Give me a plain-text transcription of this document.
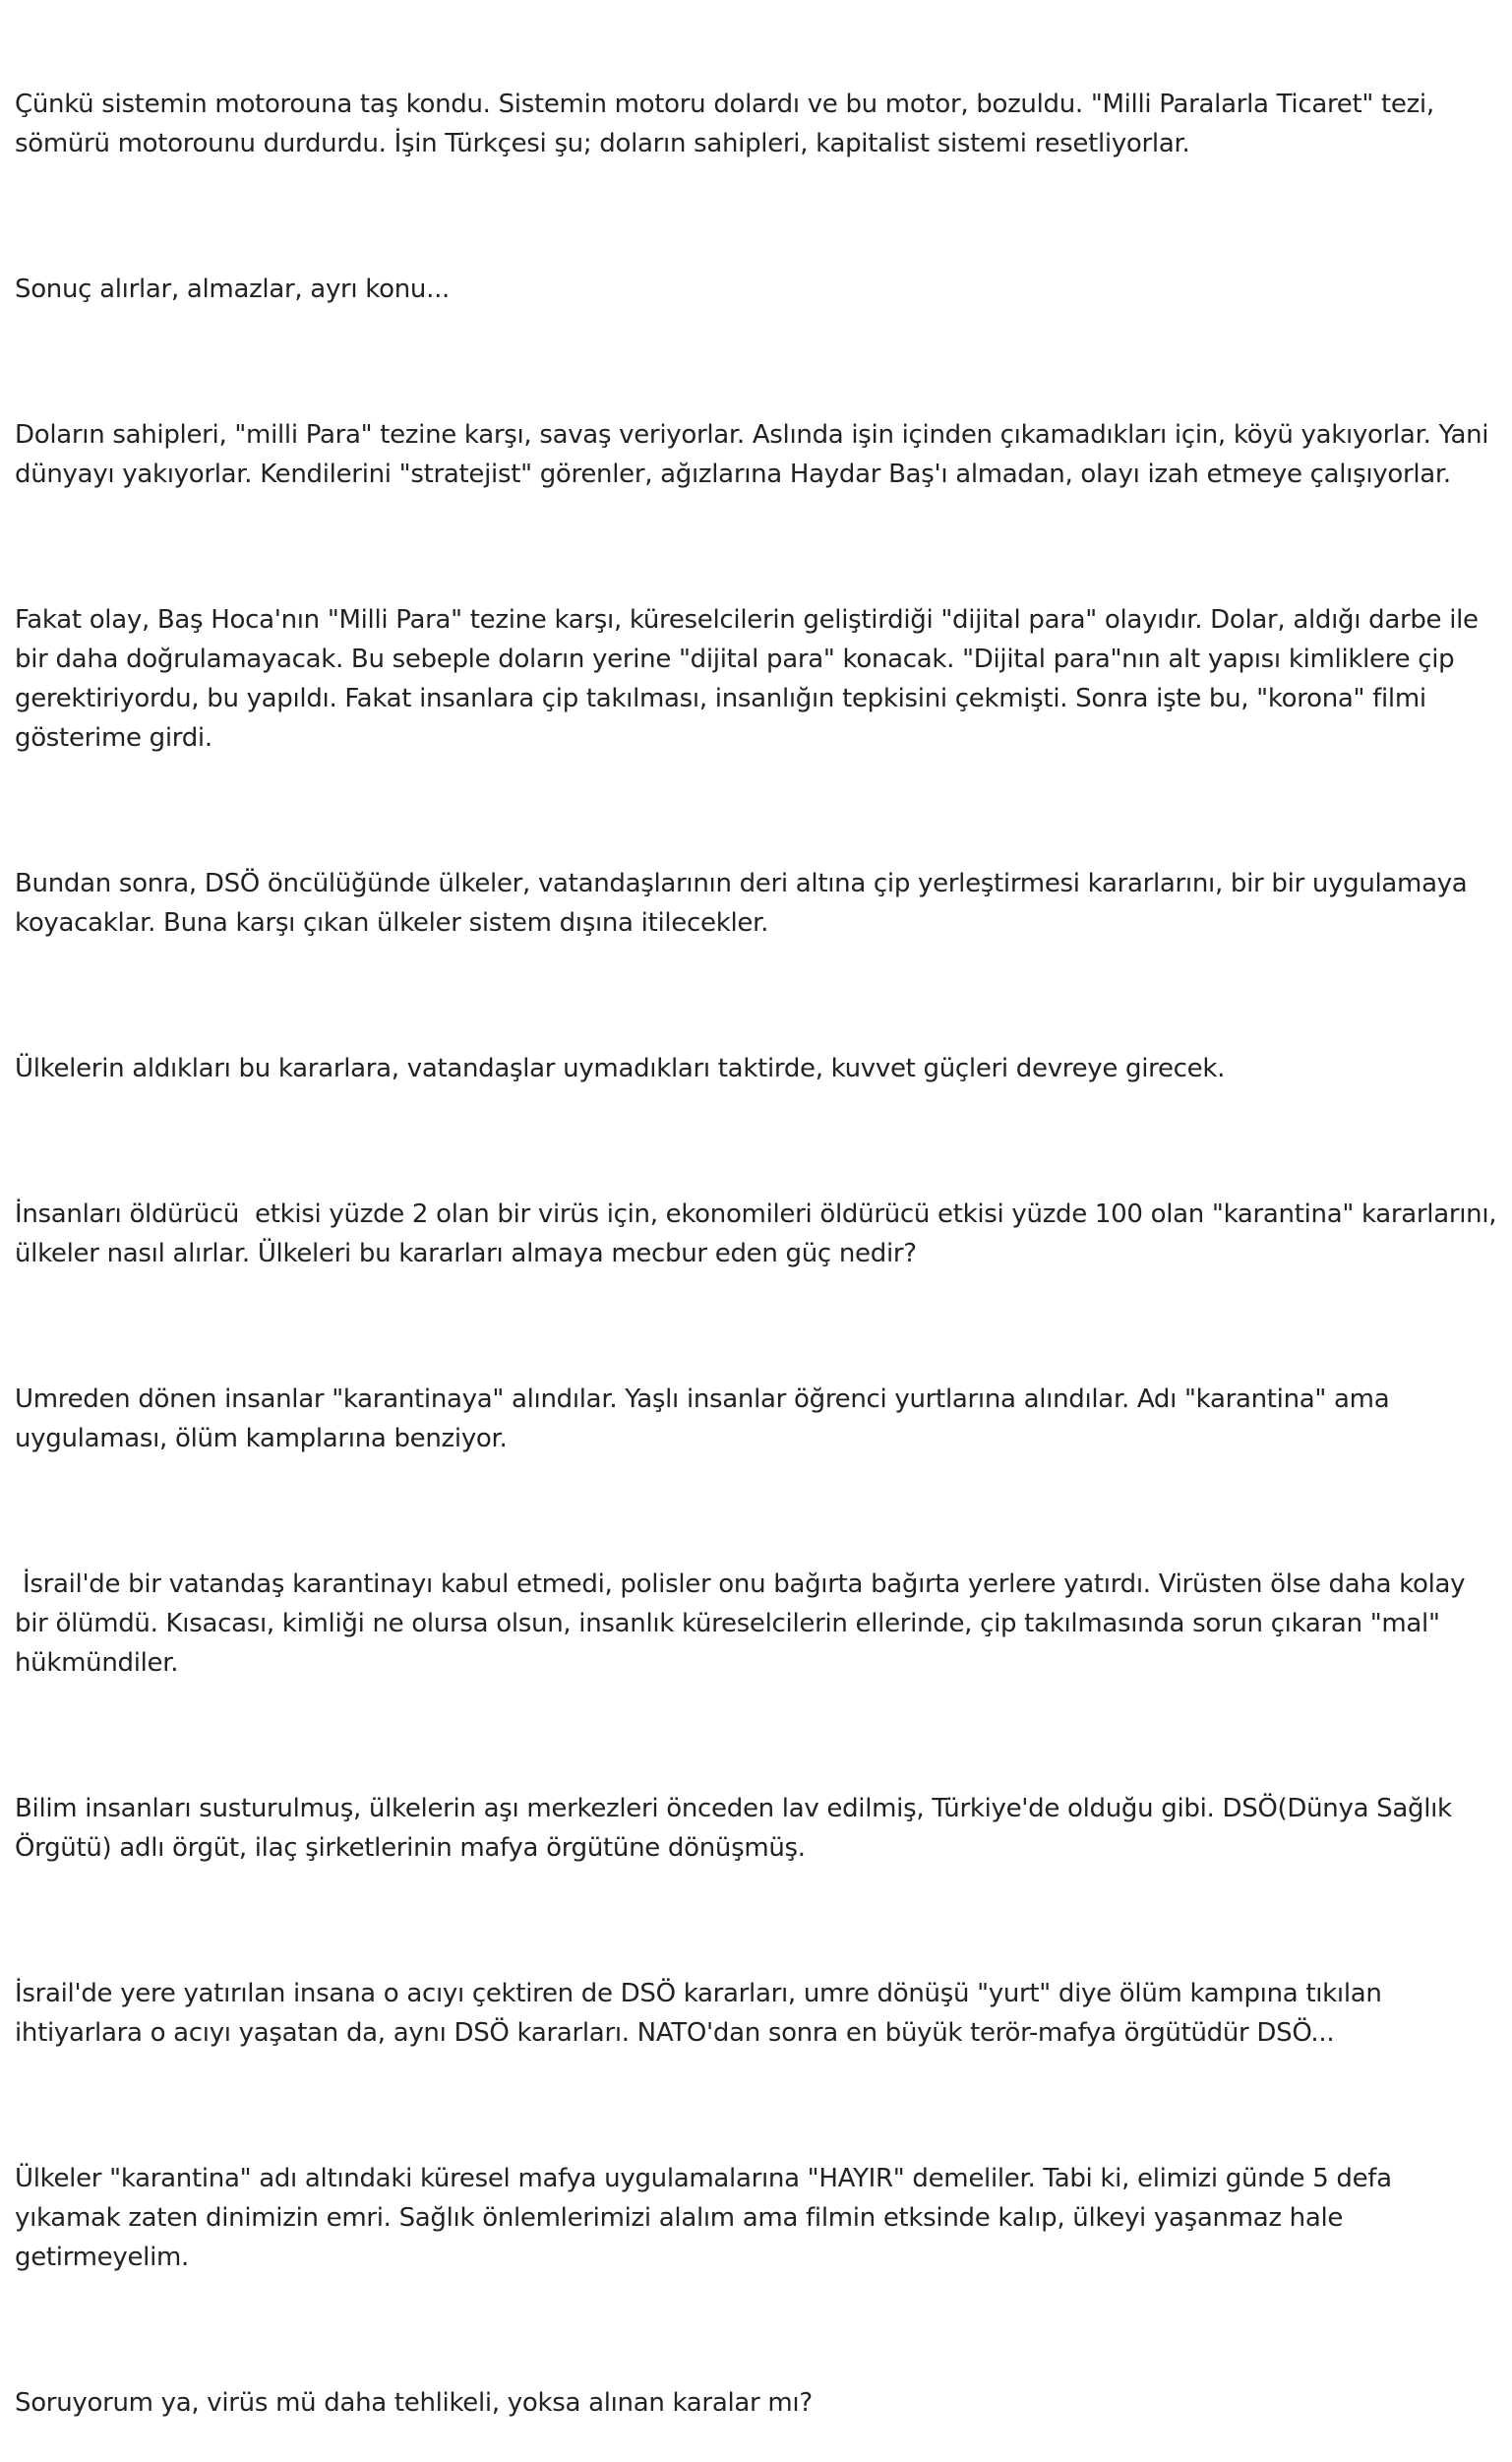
Çünkü sistemin motorouna taş kondu. Sistemin motoru dolardı ve bu motor, bozuldu. "Milli Paralarla Ticaret" tezi, sömürü motorounu durdurdu. İşin Türkçesi şu; doların sahipleri, kapitalist sistemi resetliyorlar.

Sonuç alırlar, almazlar, ayrı konu...

Doların sahipleri, "milli Para" tezine karşı, savaş veriyorlar. Aslında işin içinden çıkamadıkları için, köyü yakıyorlar. Yani dünyayı yakıyorlar. Kendilerini "stratejist" görenler, ağızlarına Haydar Baş'ı almadan, olayı izah etmeye çalışıyorlar.

Fakat olay, Baş Hoca'nın "Milli Para" tezine karşı, küreselcilerin geliştirdiği "dijital para" olayıdır. Dolar, aldığı darbe ile bir daha doğrulamayacak. Bu sebeple doların yerine "dijital para" konacak. "Dijital para"nın alt yapısı kimliklere çip gerektiriyordu, bu yapıldı. Fakat insanlara çip takılması, insanlığın tepkisini çekmişti. Sonra işte bu, "korona" filmi gösterime girdi.

Bundan sonra, DSÖ öncülüğünde ülkeler, vatandaşlarının deri altına çip yerleştirmesi kararlarını, bir bir uygulamaya koyacaklar. Buna karşı çıkan ülkeler sistem dışına itilecekler.

Ülkelerin aldıkları bu kararlara, vatandaşlar uymadıkları taktirde, kuvvet güçleri devreye girecek.

İnsanları öldürücü  etkisi yüzde 2 olan bir virüs için, ekonomileri öldürücü etkisi yüzde 100 olan "karantina" kararlarını, ülkeler nasıl alırlar. Ülkeleri bu kararları almaya mecbur eden güç nedir?

Umreden dönen insanlar "karantinaya" alındılar. Yaşlı insanlar öğrenci yurtlarına alındılar. Adı "karantina" ama uygulaması, ölüm kamplarına benziyor.

İsrail'de bir vatandaş karantinayı kabul etmedi, polisler onu bağırta bağırta yerlere yatırdı. Virüsten ölse daha kolay bir ölümdü. Kısacası, kimliği ne olursa olsun, insanlık küreselcilerin ellerinde, çip takılmasında sorun çıkaran "mal" hükmündiler.

Bilim insanları susturulmuş, ülkelerin aşı merkezleri önceden lav edilmiş, Türkiye'de olduğu gibi. DSÖ(Dünya Sağlık Örgütü) adlı örgüt, ilaç şirketlerinin mafya örgütüne dönüşmüş.

İsrail'de yere yatırılan insana o acıyı çektiren de DSÖ kararları, umre dönüşü "yurt" diye ölüm kampına tıkılan ihtiyarlara o acıyı yaşatan da, aynı DSÖ kararları. NATO'dan sonra en büyük terör-mafya örgütüdür DSÖ...

Ülkeler "karantina" adı altındaki küresel mafya uygulamalarına "HAYIR" demeliler. Tabi ki, elimizi günde 5 defa yıkamak zaten dinimizin emri. Sağlık önlemlerimizi alalım ama filmin etksinde kalıp, ülkeyi yaşanmaz hale getirmeyelim.

Soruyorum ya, virüs mü daha tehlikeli, yoksa alınan karalar mı?
